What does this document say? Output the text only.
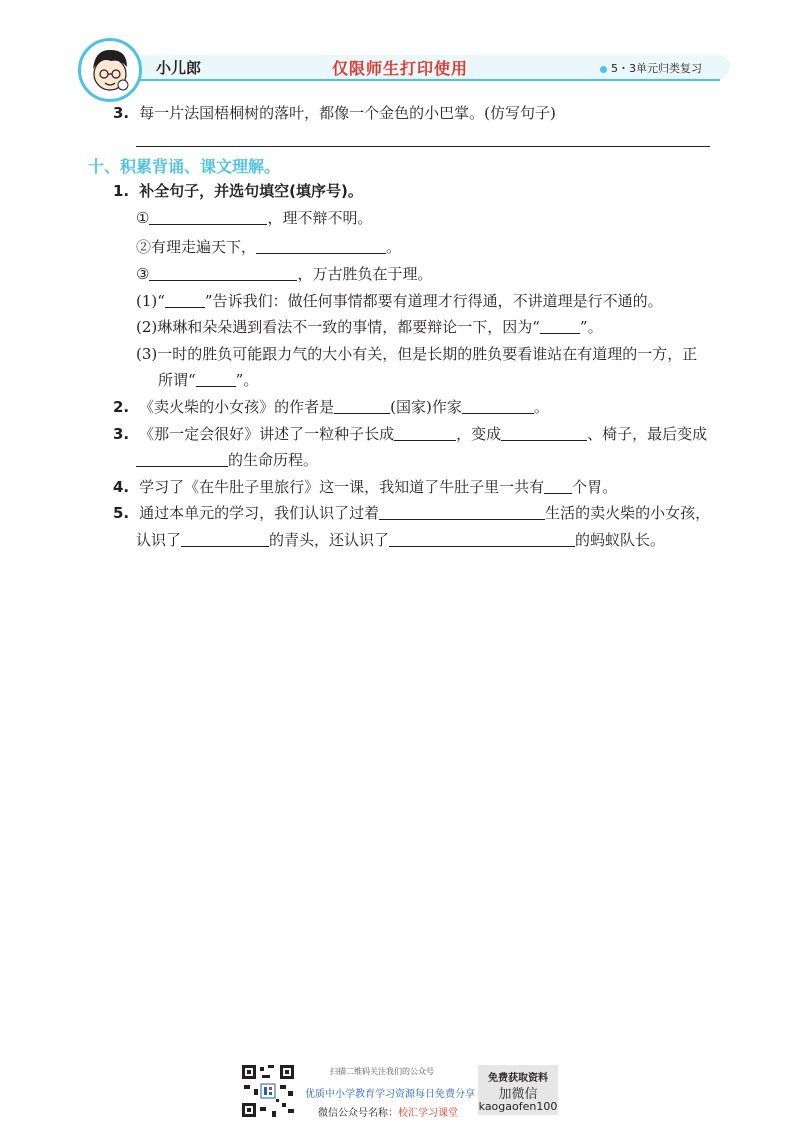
小儿郎	仅限师生打印使用	5・3单元归类复习
3. 每一片法国梧桐树的落叶，都像一个金色的小巴掌。(仿写句子)
十、积累背诵、课文理解。
1. 补全句子，并选句填空(填序号)。
①	，理不辩不明。
②有理走遍天下，	。
③	，万古胜负在于理。
(1)“	”告诉我们：做任何事情都要有道理才行得通，不讲道理是行不通的。
(2)琳琳和朵朵遇到看法不一致的事情，都要辩论一下，因为“	”。
(3)一时的胜负可能跟力气的大小有关，但是长期的胜负要看谁站在有道理的一方，正
所谓“	”。
2. 《卖火柴的小女孩》的作者是	(国家)作家	。
3. 《那一定会很好》讲述了一粒种子长成	，变成	、椅子，最后变成
的生命历程。
4. 学习了《在牛肚子里旅行》这一课，我知道了牛肚子里一共有 个胃。
5. 通过本单元的学习，我们认识了过着	生活的卖火柴的小女孩，
认识了	的青头，还认识了	的蚂蚁队长。
扫描二维码关注我们的公众号
优质中小学教育学习资源每日免费分享
微信公众号名称：校汇学习课堂
免费获取资料
加微信
kaogaofen100
